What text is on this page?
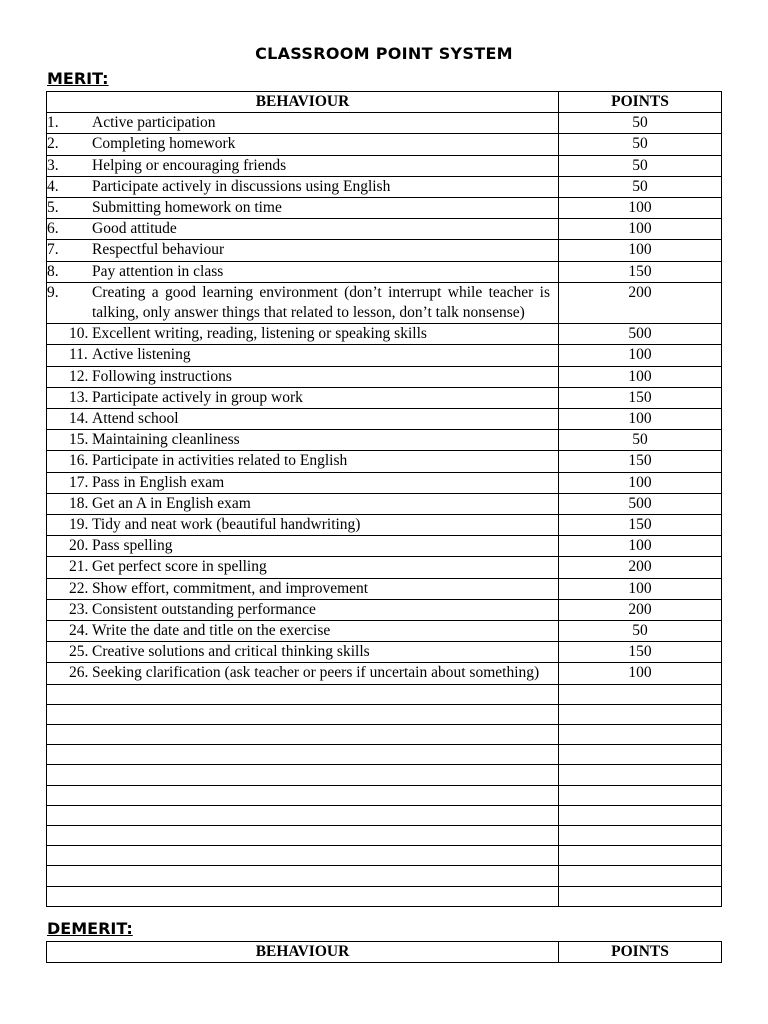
CLASSROOM POINT SYSTEM
MERIT:
BEHAVIOUR	POINTS

1. Active participation	50

2. Completing homework	50

3. Helping or encouraging friends	50

4. Participate actively in discussions using English	50

5. Submitting homework on time	100

6. Good attitude	100

7. Respectful behaviour	100

8. Pay attention in class	150

9. Creating a good learning environment (don’t interrupt while teacher is talking, only answer things that related to lesson, don’t talk nonsense)	200

10. Excellent writing, reading, listening or speaking skills	500

11. Active listening	100

12. Following instructions	100

13. Participate actively in group work	150

14. Attend school	100

15. Maintaining cleanliness	50

16. Participate in activities related to English	150

17. Pass in English exam	100

18. Get an A in English exam	500

19. Tidy and neat work (beautiful handwriting)	150

20. Pass spelling	100

21. Get perfect score in spelling	200

22. Show effort, commitment, and improvement	100

23. Consistent outstanding performance	200

24. Write the date and title on the exercise	50

25. Creative solutions and critical thinking skills	150

26. Seeking clarification (ask teacher or peers if uncertain about something)	100

DEMERIT:
BEHAVIOUR	POINTS
